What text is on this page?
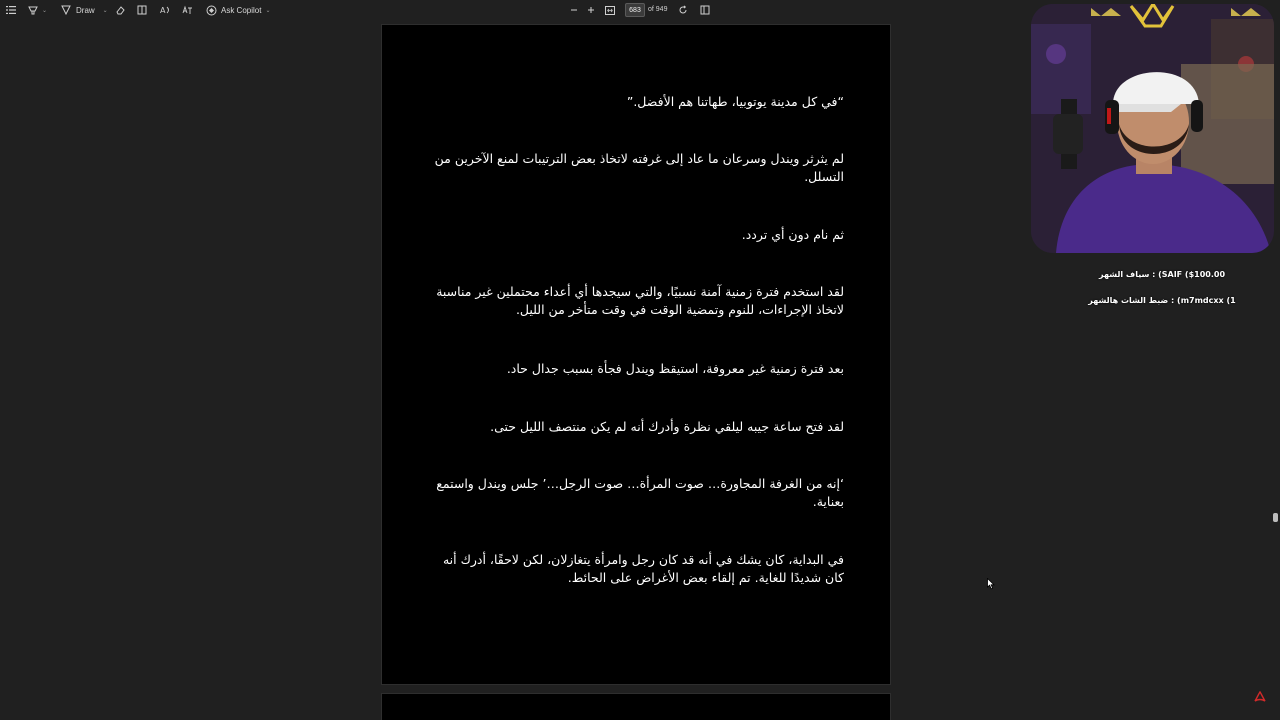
⌄	Draw ⌄	A	Ask Copilot ⌄	683	of 949
“في كل مدينة يوتوبيا، طهاتنا هم الأفضل.”
لم يثرثر ويندل وسرعان ما عاد إلى غرفته لاتخاذ بعض الترتيبات لمنع الآخرين من التسلل.
ثم نام دون أي تردد.
لقد استخدم فترة زمنية آمنة نسبيًا، والتي سيجدها أي أعداء محتملين غير مناسبة لاتخاذ الإجراءات، للنوم وتمضية الوقت في وقت متأخر من الليل.
بعد فترة زمنية غير معروفة، استيقظ ويندل فجأة بسبب جدال حاد.
لقد فتح ساعة جيبه ليلقي نظرة وأدرك أنه لم يكن منتصف الليل حتى.
‘إنه من الغرفة المجاورة… صوت المرأة… صوت الرجل…’ جلس ويندل واستمع بعناية.
في البداية، كان يشك في أنه قد كان رجل وامرأة يتغازلان، لكن لاحقًا، أدرك أنه كان شديدًا للغاية. تم إلقاء بعض الأغراض على الحائط.
سياف الشهر : (SAIF ($100.00
ضبط الشات هالشهر : (m7mdcxx (1
